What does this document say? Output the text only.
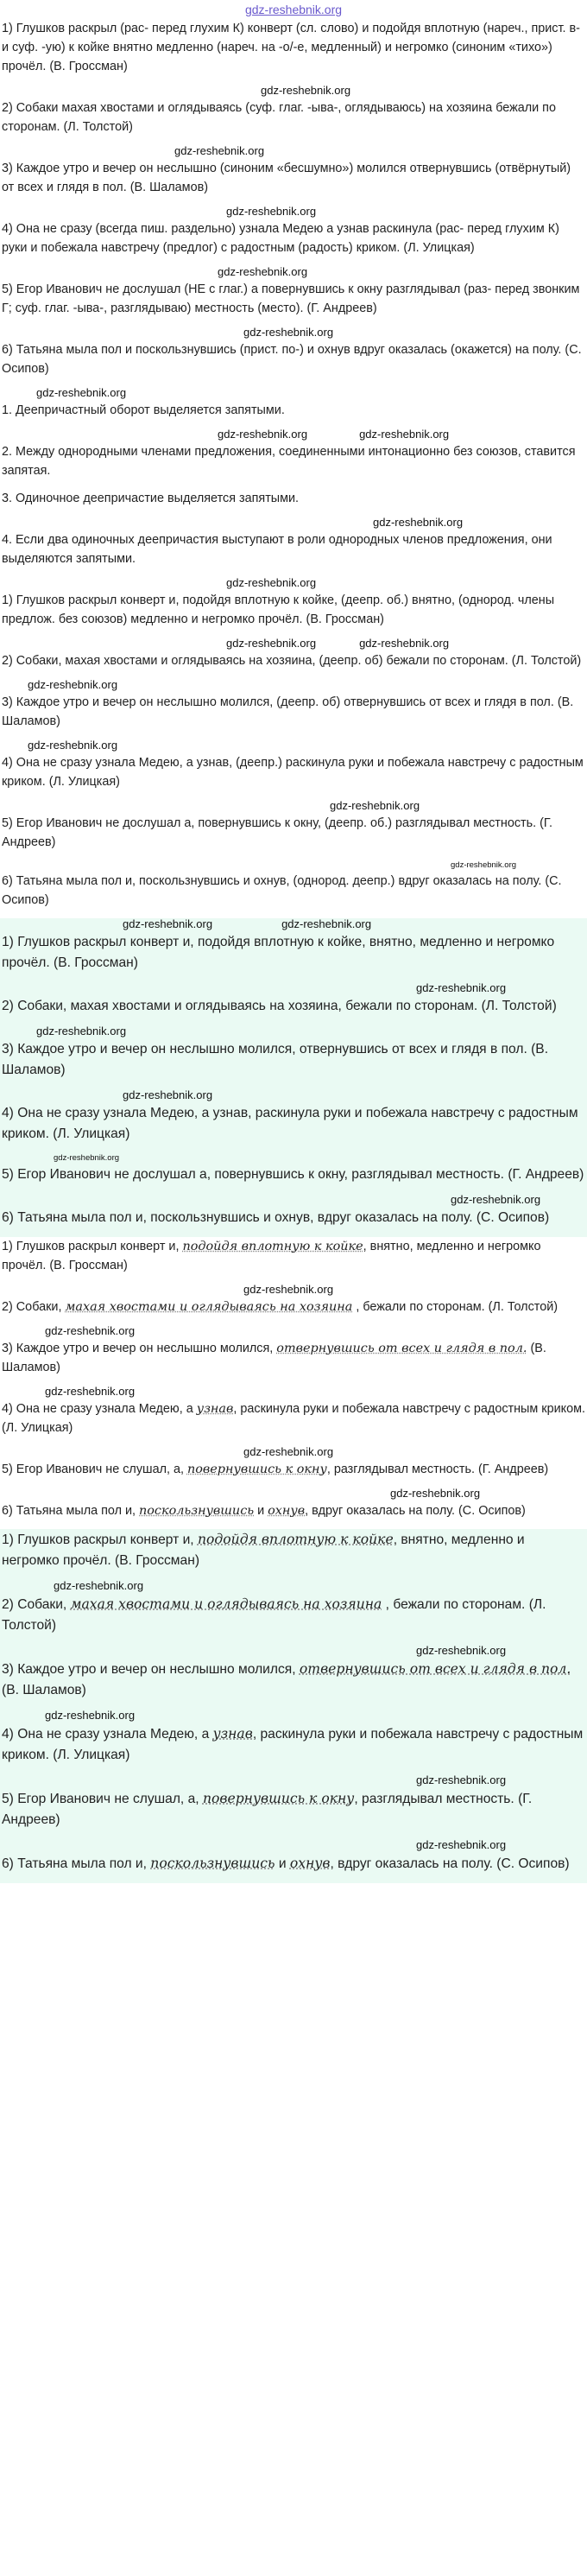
gdz-reshebnik.org

1) Глушков раскрыл (рас- перед глухим К) конверт (сл. слово) и подойдя вплотную (нареч., прист. в- и суф. -ую) к койке внятно медленно (нареч. на -о/-е, медленный) и негромко (синоним «тихо») прочёл. (В. Гроссман)

gdz-reshebnik.org

2) Собаки махая хвостами и оглядываясь (суф. глаг. -ыва-, оглядываюсь) на хозяина бежали по сторонам. (Л. Толстой)

gdz-reshebnik.org

3) Каждое утро и вечер он неслышно (синоним «бесшумно») молился отвернувшись (отвёрнутый) от всех и глядя в пол. (В. Шаламов)

gdz-reshebnik.org

4) Она не сразу (всегда пиш. раздельно) узнала Медею а узнав раскинула (рас- перед глухим К) руки и побежала навстречу (предлог) с радостным (радость) криком. (Л. Улицкая)

gdz-reshebnik.org

5) Егор Иванович не дослушал (НЕ с глаг.) а повернувшись к окну разглядывал (раз- перед звонким Г; суф. глаг. -ыва-, разглядываю) местность (место). (Г. Андреев)

gdz-reshebnik.org

6) Татьяна мыла пол и поскользнувшись (прист. по-) и охнув вдруг оказалась (окажется) на полу. (С. Осипов)

gdz-reshebnik.org

1. Деепричастный оборот выделяется запятыми.

gdz-reshebnik.org	gdz-reshebnik.org

2. Между однородными членами предложения, соединенными интонационно без союзов, ставится запятая.

3. Одиночное деепричастие выделяется запятыми.

gdz-reshebnik.org

4. Если два одиночных деепричастия выступают в роли однородных членов предложения, они выделяются запятыми.

gdz-reshebnik.org

1) Глушков раскрыл конверт и, подойдя вплотную к койке, (деепр. об.) внятно, (однород. члены предлож. без союзов) медленно и негромко прочёл. (В. Гроссман)

gdz-reshebnik.org	gdz-reshebnik.org

2) Собаки, махая хвостами и оглядываясь на хозяина, (деепр. об) бежали по сторонам. (Л. Толстой)

gdz-reshebnik.org

3) Каждое утро и вечер он неслышно молился, (деепр. об) отвернувшись от всех и глядя в пол. (В. Шаламов)

gdz-reshebnik.org

4) Она не сразу узнала Медею, а узнав, (деепр.) раскинула руки и побежала навстречу с радостным криком. (Л. Улицкая)

gdz-reshebnik.org

5) Егор Иванович не дослушал а, повернувшись к окну, (деепр. об.) разглядывал местность. (Г. Андреев)

gdz-reshebnik.org

6) Татьяна мыла пол и, поскользнувшись и охнув, (однород. деепр.) вдруг оказалась на полу. (С. Осипов)

gdz-reshebnik.org	gdz-reshebnik.org

1) Глушков раскрыл конверт и, подойдя вплотную к койке, внятно, медленно и негромко прочёл. (В. Гроссман)

gdz-reshebnik.org

2) Собаки, махая хвостами и оглядываясь на хозяина, бежали по сторонам. (Л. Толстой)

gdz-reshebnik.org

3) Каждое утро и вечер он неслышно молился, отвернувшись от всех и глядя в пол. (В. Шаламов)

gdz-reshebnik.org

4) Она не сразу узнала Медею, а узнав, раскинула руки и побежала навстречу с радостным криком. (Л. Улицкая)

gdz-reshebnik.org

5) Егор Иванович не дослушал а, повернувшись к окну, разглядывал местность. (Г. Андреев)

gdz-reshebnik.org

6) Татьяна мыла пол и, поскользнувшись и охнув, вдруг оказалась на полу. (С. Осипов)

1) Глушков раскрыл конверт и, подойдя вплотную к койке, внятно, медленно и негромко прочёл. (В. Гроссман)

gdz-reshebnik.org

2) Собаки, махая хвостами и оглядываясь на хозяина , бежали по сторонам. (Л. Толстой)

gdz-reshebnik.org

3) Каждое утро и вечер он неслышно молился, отвернувшись от всех и глядя в пол. (В. Шаламов)

gdz-reshebnik.org

4) Она не сразу узнала Медею, а узнав, раскинула руки и побежала навстречу с радостным криком. (Л. Улицкая)

gdz-reshebnik.org

5) Егор Иванович не слушал, а, повернувшись к окну, разглядывал местность. (Г. Андреев)

gdz-reshebnik.org

6) Татьяна мыла пол и, поскользнувшись и охнув, вдруг оказалась на полу. (С. Осипов)

1) Глушков раскрыл конверт и, подойдя вплотную к койке, внятно, медленно и негромко прочёл. (В. Гроссман)

gdz-reshebnik.org

2) Собаки, махая хвостами и оглядываясь на хозяина , бежали по сторонам. (Л. Толстой)

gdz-reshebnik.org

3) Каждое утро и вечер он неслышно молился, отвернувшись от всех и глядя в пол. (В. Шаламов)

gdz-reshebnik.org

4) Она не сразу узнала Медею, а узнав, раскинула руки и побежала навстречу с радостным криком. (Л. Улицкая)

gdz-reshebnik.org

5) Егор Иванович не слушал, а, повернувшись к окну, разглядывал местность. (Г. Андреев)

gdz-reshebnik.org

6) Татьяна мыла пол и, поскользнувшись и охнув, вдруг оказалась на полу. (С. Осипов)
